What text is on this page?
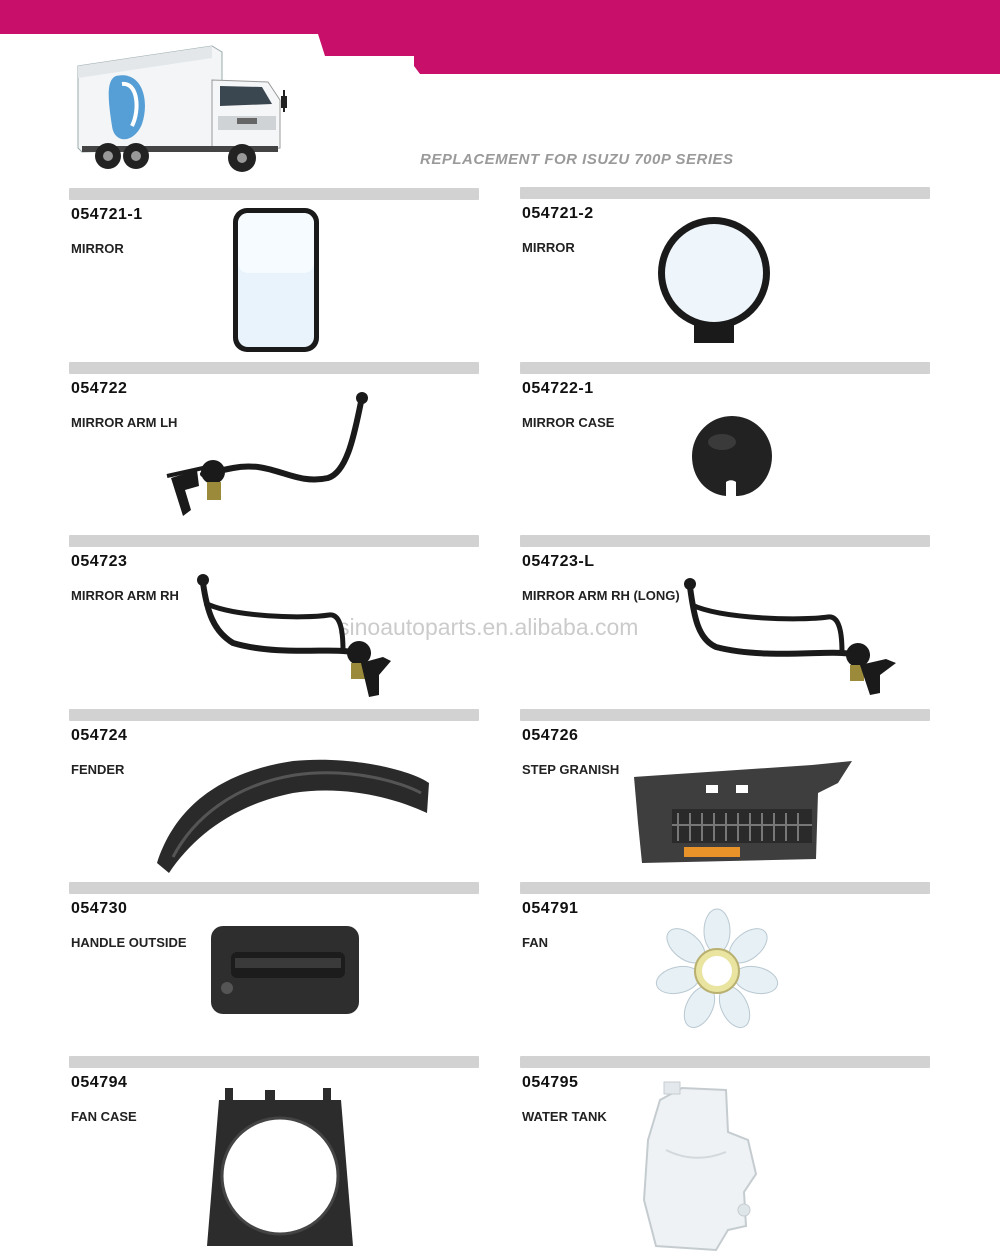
REPLACEMENT FOR ISUZU 700P SERIES
sinoautoparts.en.alibaba.com
054721-1
MIRROR
054721-2
MIRROR
054722
MIRROR ARM LH
054722-1
MIRROR CASE
054723
MIRROR ARM RH
054723-L
MIRROR ARM RH (LONG)
054724
FENDER
054726
STEP GRANISH
054730
HANDLE OUTSIDE
054791
FAN
054794
FAN CASE
054795
WATER TANK
